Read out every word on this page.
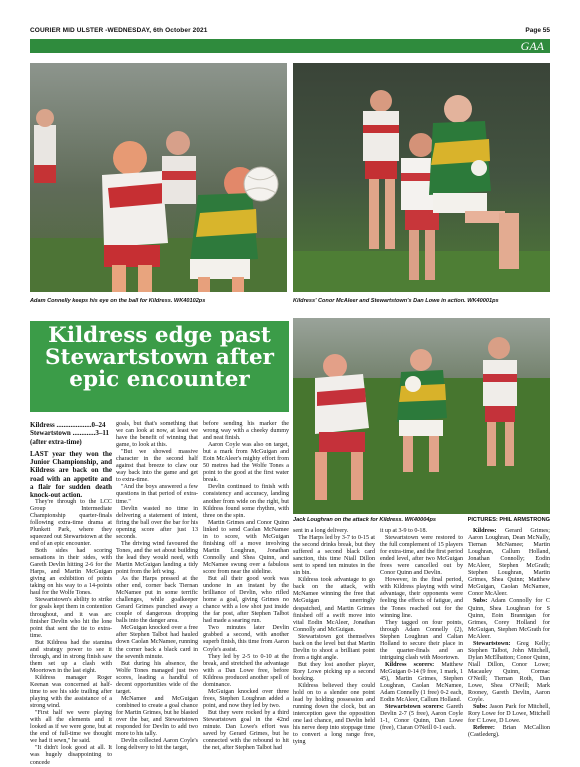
COURIER MID ULSTER -WEDNESDAY, 6th October 2021	Page 55
GAA
Adam Connelly keeps his eye on the ball for Kildress. WK40102ps	Kildress' Conor McAleer and Stewartstown's Dan Lowe in action. WK40001ps
Kildress edge past Stewartstown after epic encounter
Jack Loughran on the attack for Kildress. WK40004ps	PICTURES: PHIL ARMSTRONG

Kildress ....................0–24

Stewartstown .............3–11

(after extra-time)

LAST year they won the Junior Championship, and Kildress are back on the road with an appetite and a flair for sudden death knock-out action.

They're through to the LCC Group Intermediate Championship quarter-finals following extra-time drama at Plunkett Park, where they squeezed out Stewartstown at the end of an epic encounter.

Both sides had scoring sensations in their sides, with Gareth Devlin hitting 2-6 for the Harps, and Martin McGuigan giving an exhibition of points taking on his way to a 14-points haul for the Wolfe Tones.

Stewartstown's ability to strike for goals kept them in contention throughout, and it was arc finisher Devlin who hit the lone point that sent the tie to extra-time.

But Kildress had the stamina and strategy power to see it through, and in strong finish saw them set up a clash with Moortown in the last eight.

Kildress manager Roger Keenan was concerned at half-time to see his side trailing after playing with the assistance of a strong wind.

"First half we were playing with all the elements and it looked as if we were gone, but at the end of full-time we thought we had it sewn," he said.

"It didn't look good at all. It was hugely disappointing to concede

goals, but that's something that we can look at now, at least we have the benefit of winning that game, to look at this.

"But we showed massive character in the second half against that breeze to claw our way back into the game and get to extra-time.

"And the boys answered a few questions in that period of extra-time."

Devlin wasted no time in delivering a statement of intent, firing the ball over the bar for his opening score after just 13 seconds.

The driving wind favoured the Tones, and the set about building the lead they would need, with Martin McGuigan landing a tidy point from the left wing.

As the Harps pressed at the other end, corner back Tiernan McNamee put in some terrific challenges, while goalkeeper Gerard Grimes punched away a couple of dangerous dropping balls into the danger area.

McGuigan knocked over a free after Stephen Talbot had hauled down Caolan McNamee, running the corner back a black card in the seventh minute.

But during his absence, the Wolfe Tones managed just two scores, leading a handful of decent opportunities wide of the target.

McNamee and McGuigan combined to create a goal chance for Martin Grimes, but he blasted over the bar, and Stewartstown responded for Devlin to add two more to his tally.

Devlin collected Aaron Coyle's long delivery to hit the target,

before sending his marker the wrong way with a cheeky dummy and neat finish.

Aaron Coyle was also on target, but a mark from McGuigan and Eoin McAleer's mighty effort from 50 metres had the Wolfe Tones a point to the good at the first water break.

Devlin continued to finish with consistency and accuracy, landing another from wide on the right, but Kildress found some rhythm, with three on the spin.

Martin Grimes and Conor Quinn linked to send Caolan McNamee in to score, with McGuigan finishing off a move involving Martin Loughran, Jonathan Connolly and Shea Quinn, and McNamee swung over a fabulous score from near the sideline.

But all their good work was undone in an instant by the brilliance of Devlin, who rifled home a goal, giving Grimes no chance with a low shot just inside the far post, after Stephen Talbot had made a searing run.

Two minutes later Devlin grabbed a second, with another superb finish, this time from Aaron Coyle's assist.

They led by 2-5 to 0-10 at the break, and stretched the advantage with a Dan Lowe free, before Kildress produced another spell of dominance.

McGuigan knocked over three frees, Stephen Loughran added a point, and now they led by two.

But they were rocked by a third Stewartstown goal in the 42nd minute. Dan Lowe's effort was saved by Gerard Grimes, but he connected with the rebound to hit the net, after Stephen Talbot had

sent in a long delivery.

The Harps led by 3-7 to 0-15 at the second drinks break, but they suffered a second black card sanction, this time Niall Dillon sent to spend ten minutes in the sin bin.

Kildress took advantage to go back on the attack, with McNamee winning the free that McGuigan unerringly despatched, and Martin Grimes finished off a swift move into vital Eodin McAleer, Jonathan Connolly and McGuigan.

Stewartstown got themselves back on the level but that Martin Devlin to shoot a brilliant point from a tight angle.

But they lost another player, Rory Lowe picking up a second booking.

Kildress believed they could hold on to a slender one point lead by holding possession and running down the clock, but an interception gave the opposition one last chance, and Devlin held his nerve deep into stoppage time to convert a long range free, tying

it up at 3-9 to 0-18.

Stewartstown were restored to the full complement of 15 players for extra-time, and the first period ended level, after two McGuigan frees were cancelled out by Conor Quinn and Devlin.

However, in the final period, with Kildress playing with wind advantage, their opponents were feeling the effects of fatigue, and the Tones reached out for the winning line.

They tagged on four points, through Adam Connelly (2), Stephen Loughran and Caltan Holland to secure their place in the quarter-finals and an intriguing clash with Moortown.

Kildress scorers: Matthew McGuigan 0-14 (9 free, 1 mark, 1 45), Martin Grimes, Stephen Loughran, Caolan McNamee, Adam Connelly (1 free) 0-2 each, Eodin McAleer, Callum Holland.

Stewartstown scorers: Gareth Devlin 2-7 (5 free), Aaron Coyle 1-1, Conor Quinn, Dan Lowe (free), Ciaran O'Neill 0-1 each.

Kildress: Gerard Grimes; Aaron Loughran, Dean McNally, Tiernan McNamee; Martin Loughran, Callum Holland, Jonathan Connolly; Eodin McAleer, Stephen McGrath; Stephen Loughran, Martin Grimes, Shea Quinn; Matthew McGuigan, Caolan McNamee, Conor McAleer.

Subs: Adam Connolly for C Quinn, Shea Loughran for S Quinn, Eoin Brannigan for Grimes, Corey Holland for McGuigan, Stephen McGrath for McAleer.

Stewartstown: Greg Kelly; Stephen Talbot, John Mitchell, Dylan McElhatton; Conor Quinn, Niall Dillon, Conor Lowe; Macauley Quinn, Cormac O'Neill; Tiernan Roth, Dan Lowe, Shea O'Neill; Mark Rooney, Gareth Devlin, Aaron Coyle.

Subs: Jason Park for Mitchell, Rory Lowe for D Lowe, Mitchell for C Lowe, D Lowe.

Referee: Brian McCallion (Castlederg).
